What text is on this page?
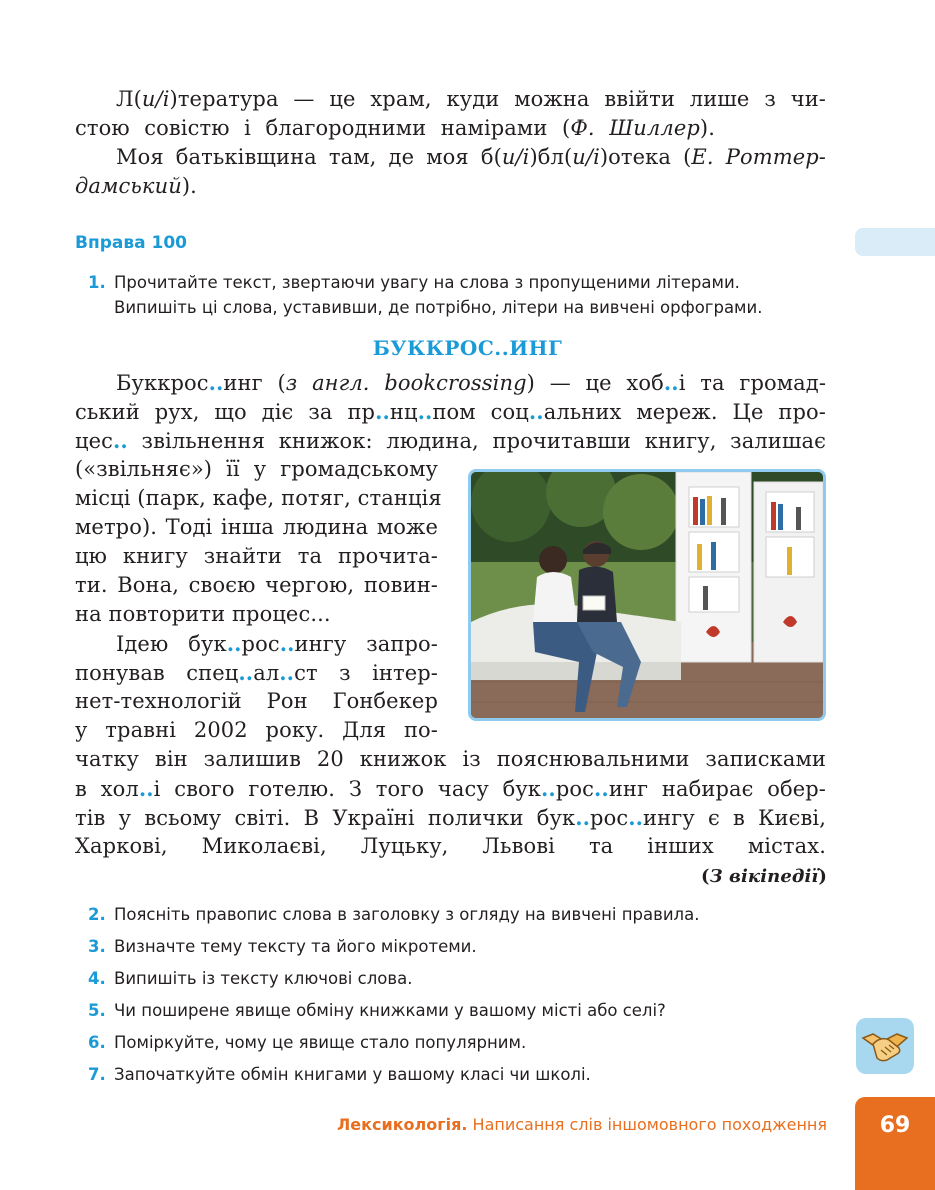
Л(и/і)тература — це храм, куди можна ввійти лише з чи-
стою совістю і благородними намірами (Ф. Шиллер).
Моя батьківщина там, де моя б(и/і)бл(и/і)отека (Е. Роттер-
дамський).
Вправа 100
1. Прочитайте текст, звертаючи увагу на слова з пропущеними літерами.
Випишіть ці слова, уставивши, де потрібно, літери на вивчені орфограми.
БУККРОС..ИНГ
Буккрос..инг (з англ. bookcrossing) — це хоб..і та громад-
ський рух, що діє за пр..нц..пом соц..альних мереж. Це про-
цес.. звільнення книжок: людина, прочитавши книгу, залишає
(«звільняє») її у громадському
місці (парк, кафе, потяг, станція
метро). Тоді інша людина може
цю книгу знайти та прочита-
ти. Вона, своєю чергою, повин-
на повторити процес...
Ідею бук..рос..ингу запро-
понував спец..ал..ст з інтер-
нет-технологій Рон Гонбекер
у травні 2002 року. Для по-
чатку він залишив 20 книжок із пояснювальними записками
в хол..і свого готелю. З того часу бук..рос..инг набирає обер-
тів у всьому світі. В Україні полички бук..рос..ингу є в Києві,
Харкові, Миколаєві, Луцьку, Львові та інших містах.
(З вікіпедії)
2. Поясніть правопис слова в заголовку з огляду на вивчені правила.
3. Визначте тему тексту та його мікротеми.
4. Випишіть із тексту ключові слова.
5. Чи поширене явище обміну книжками у вашому місті або селі?
6. Поміркуйте, чому це явище стало популярним.
7. Започаткуйте обмін книгами у вашому класі чи школі.
Лексикологія. Написання слів іншомовного походження	69
